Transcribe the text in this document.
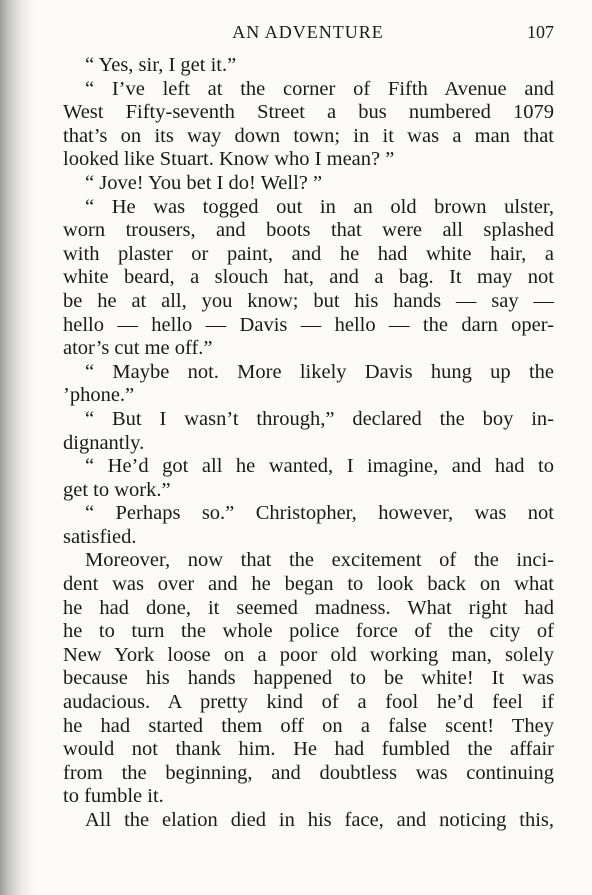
AN ADVENTURE	107
“ Yes, sir, I get it.”
“ I’ve left at the corner of Fifth Avenue and
West Fifty-seventh Street a bus numbered 1079
that’s on its way down town; in it was a man that
looked like Stuart. Know who I mean? ”
“ Jove! You bet I do! Well? ”
“ He was togged out in an old brown ulster,
worn trousers, and boots that were all splashed
with plaster or paint, and he had white hair, a
white beard, a slouch hat, and a bag. It may not
be he at all, you know; but his hands — say —
hello — hello — Davis — hello — the darn oper-
ator’s cut me off.”
“ Maybe not. More likely Davis hung up the
’phone.”
“ But I wasn’t through,” declared the boy in-
dignantly.
“ He’d got all he wanted, I imagine, and had to
get to work.”
“ Perhaps so.” Christopher, however, was not
satisfied.
Moreover, now that the excitement of the inci-
dent was over and he began to look back on what
he had done, it seemed madness. What right had
he to turn the whole police force of the city of
New York loose on a poor old working man, solely
because his hands happened to be white! It was
audacious. A pretty kind of a fool he’d feel if
he had started them off on a false scent! They
would not thank him. He had fumbled the affair
from the beginning, and doubtless was continuing
to fumble it.
All the elation died in his face, and noticing this,
